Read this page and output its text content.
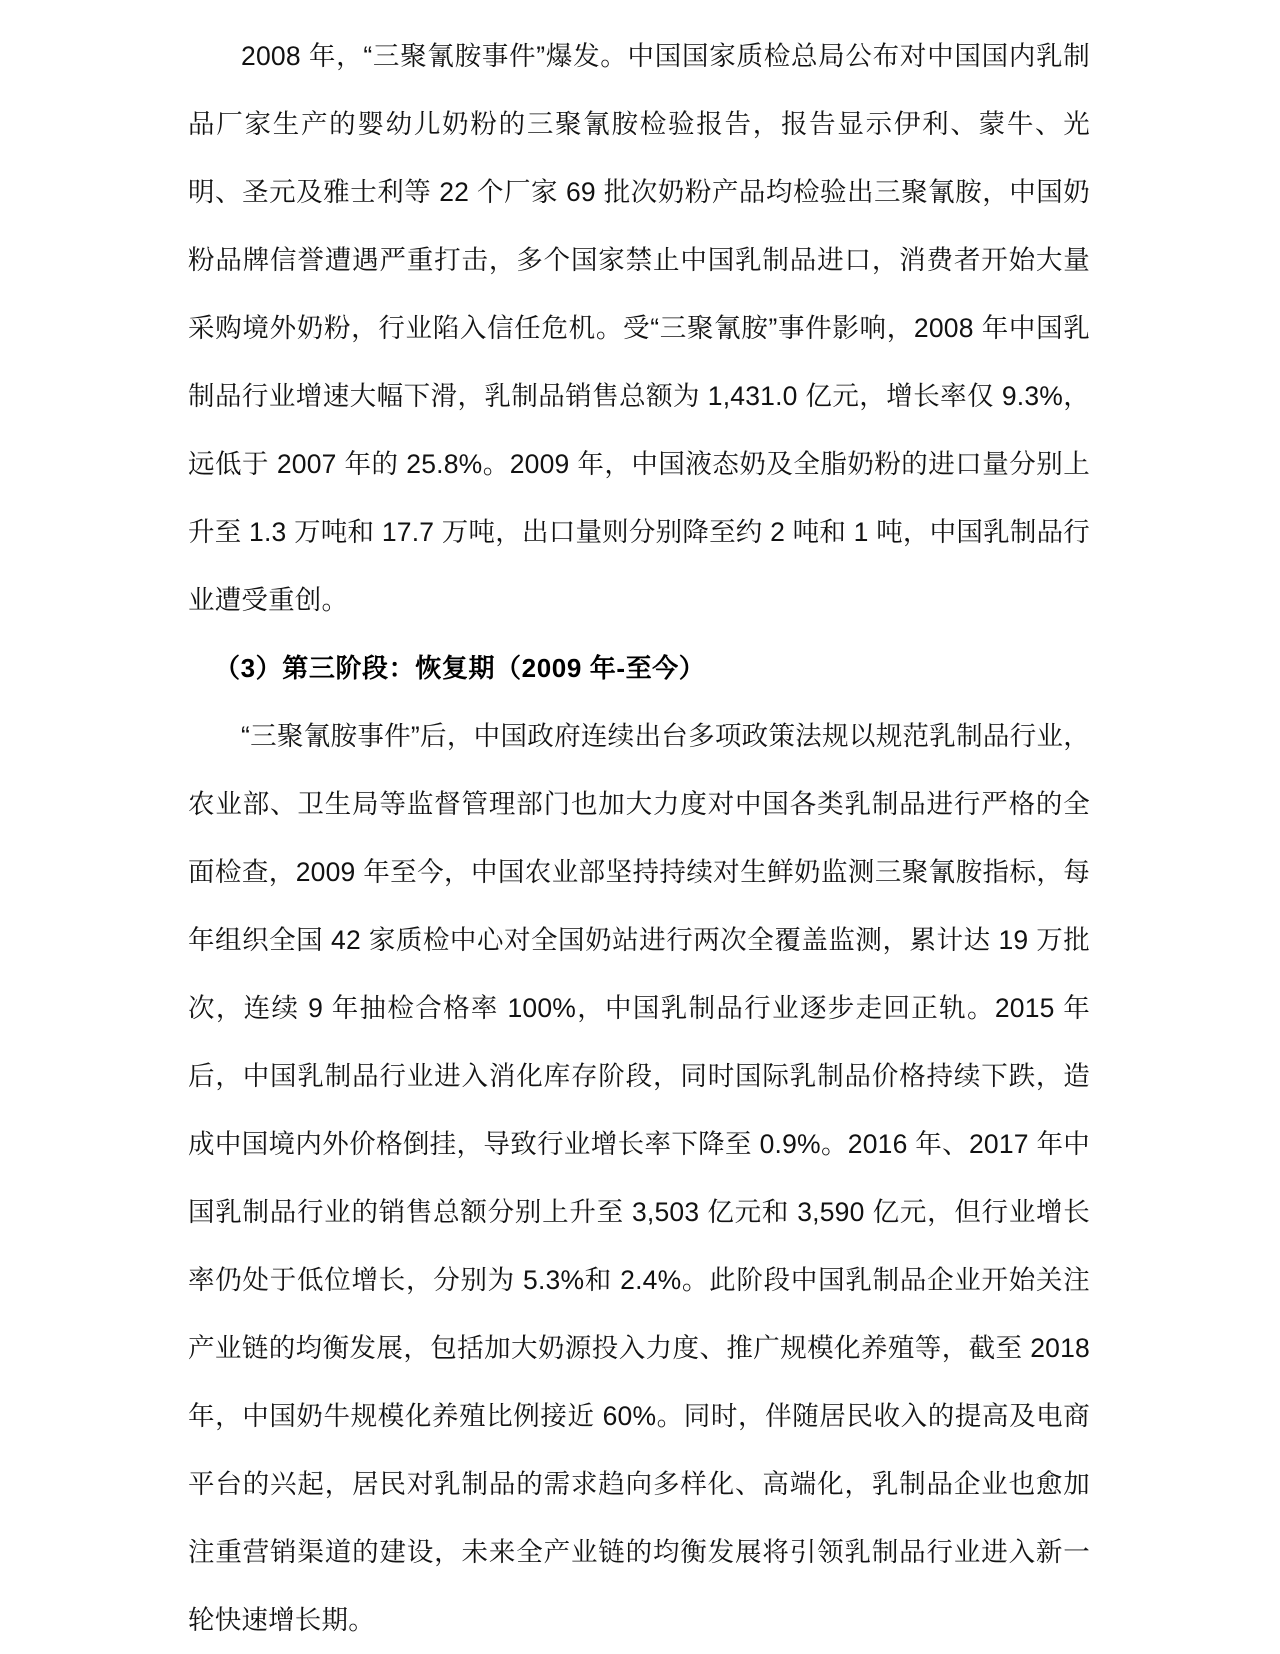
2008 年，“三聚氰胺事件”爆发。中国国家质检总局公布对中国国内乳制品厂家生产的婴幼儿奶粉的三聚氰胺检验报告，报告显示伊利、蒙牛、光明、圣元及雅士利等 22 个厂家 69 批次奶粉产品均检验出三聚氰胺，中国奶粉品牌信誉遭遇严重打击，多个国家禁止中国乳制品进口，消费者开始大量采购境外奶粉，行业陷入信任危机。受“三聚氰胺”事件影响，2008 年中国乳制品行业增速大幅下滑，乳制品销售总额为 1,431.0 亿元，增长率仅 9.3%，远低于 2007 年的 25.8%。2009 年，中国液态奶及全脂奶粉的进口量分别上升至 1.3 万吨和 17.7 万吨，出口量则分别降至约 2 吨和 1 吨，中国乳制品行业遭受重创。

（3）第三阶段：恢复期（2009 年-至今）

“三聚氰胺事件”后，中国政府连续出台多项政策法规以规范乳制品行业，农业部、卫生局等监督管理部门也加大力度对中国各类乳制品进行严格的全面检查，2009 年至今，中国农业部坚持持续对生鲜奶监测三聚氰胺指标，每年组织全国 42 家质检中心对全国奶站进行两次全覆盖监测，累计达 19 万批次，连续 9 年抽检合格率 100%，中国乳制品行业逐步走回正轨。2015 年后，中国乳制品行业进入消化库存阶段，同时国际乳制品价格持续下跌，造成中国境内外价格倒挂，导致行业增长率下降至 0.9%。2016 年、2017 年中国乳制品行业的销售总额分别上升至 3,503 亿元和 3,590 亿元，但行业增长率仍处于低位增长，分别为 5.3%和 2.4%。此阶段中国乳制品企业开始关注产业链的均衡发展，包括加大奶源投入力度、推广规模化养殖等，截至 2018 年，中国奶牛规模化养殖比例接近 60%。同时，伴随居民收入的提高及电商平台的兴起，居民对乳制品的需求趋向多样化、高端化，乳制品企业也愈加注重营销渠道的建设，未来全产业链的均衡发展将引领乳制品行业进入新一轮快速增长期。
